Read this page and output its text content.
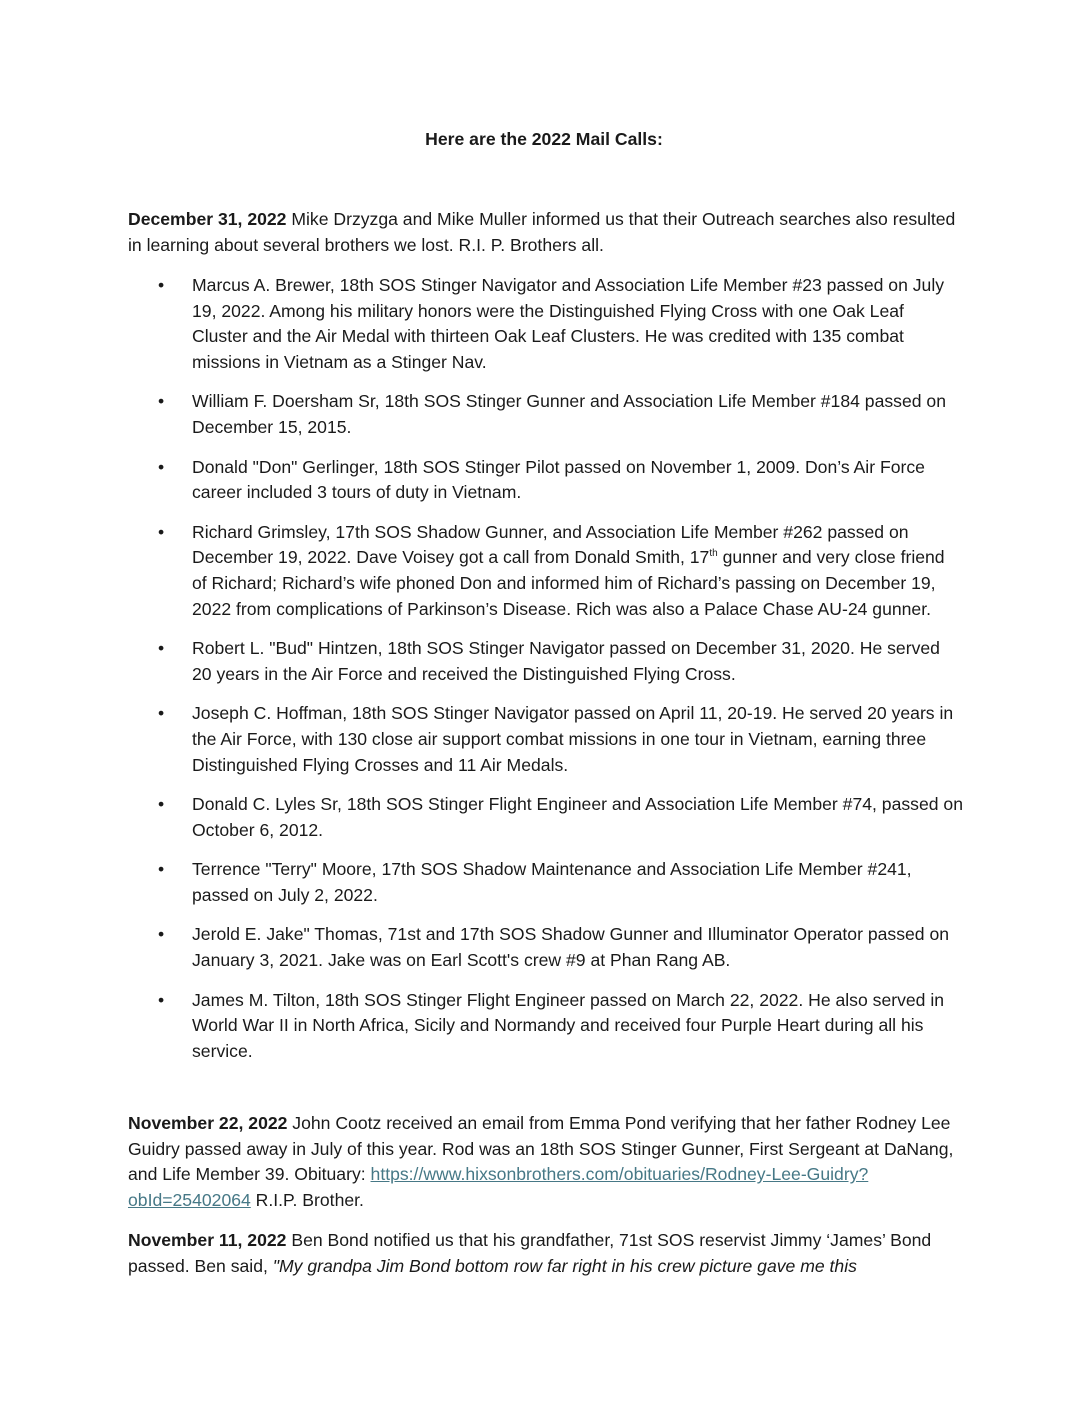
Here are the 2022 Mail Calls:
December 31, 2022 Mike Drzyzga and Mike Muller informed us that their Outreach searches also resulted in learning about several brothers we lost. R.I. P. Brothers all.
• Marcus A. Brewer, 18th SOS Stinger Navigator and Association Life Member #23 passed on July 19, 2022. Among his military honors were the Distinguished Flying Cross with one Oak Leaf Cluster and the Air Medal with thirteen Oak Leaf Clusters. He was credited with 135 combat missions in Vietnam as a Stinger Nav.
• William F. Doersham Sr, 18th SOS Stinger Gunner and Association Life Member #184 passed on December 15, 2015.
• Donald "Don" Gerlinger, 18th SOS Stinger Pilot passed on November 1, 2009. Don’s Air Force career included 3 tours of duty in Vietnam.
• Richard Grimsley, 17th SOS Shadow Gunner, and Association Life Member #262 passed on December 19, 2022. Dave Voisey got a call from Donald Smith, 17th gunner and very close friend of Richard; Richard’s wife phoned Don and informed him of Richard’s passing on December 19, 2022 from complications of Parkinson’s Disease. Rich was also a Palace Chase AU-24 gunner.
• Robert L. "Bud" Hintzen, 18th SOS Stinger Navigator passed on December 31, 2020. He served 20 years in the Air Force and received the Distinguished Flying Cross.
• Joseph C. Hoffman, 18th SOS Stinger Navigator passed on April 11, 20-19. He served 20 years in the Air Force, with 130 close air support combat missions in one tour in Vietnam, earning three Distinguished Flying Crosses and 11 Air Medals.
• Donald C. Lyles Sr, 18th SOS Stinger Flight Engineer and Association Life Member #74, passed on October 6, 2012.
• Terrence "Terry" Moore, 17th SOS Shadow Maintenance and Association Life Member #241, passed on July 2, 2022.
• Jerold E. Jake" Thomas, 71st and 17th SOS Shadow Gunner and Illuminator Operator passed on January 3, 2021. Jake was on Earl Scott's crew #9 at Phan Rang AB.
• James M. Tilton, 18th SOS Stinger Flight Engineer passed on March 22, 2022. He also served in World War II in North Africa, Sicily and Normandy and received four Purple Heart during all his service.
November 22, 2022 John Cootz received an email from Emma Pond verifying that her father Rodney Lee Guidry passed away in July of this year. Rod was an 18th SOS Stinger Gunner, First Sergeant at DaNang, and Life Member 39. Obituary: https://www.hixsonbrothers.com/obituaries/Rodney-Lee-Guidry?obId=25402064 R.I.P. Brother.
November 11, 2022 Ben Bond notified us that his grandfather, 71st SOS reservist Jimmy ‘James’ Bond passed. Ben said, "My grandpa Jim Bond bottom row far right in his crew picture gave me this
